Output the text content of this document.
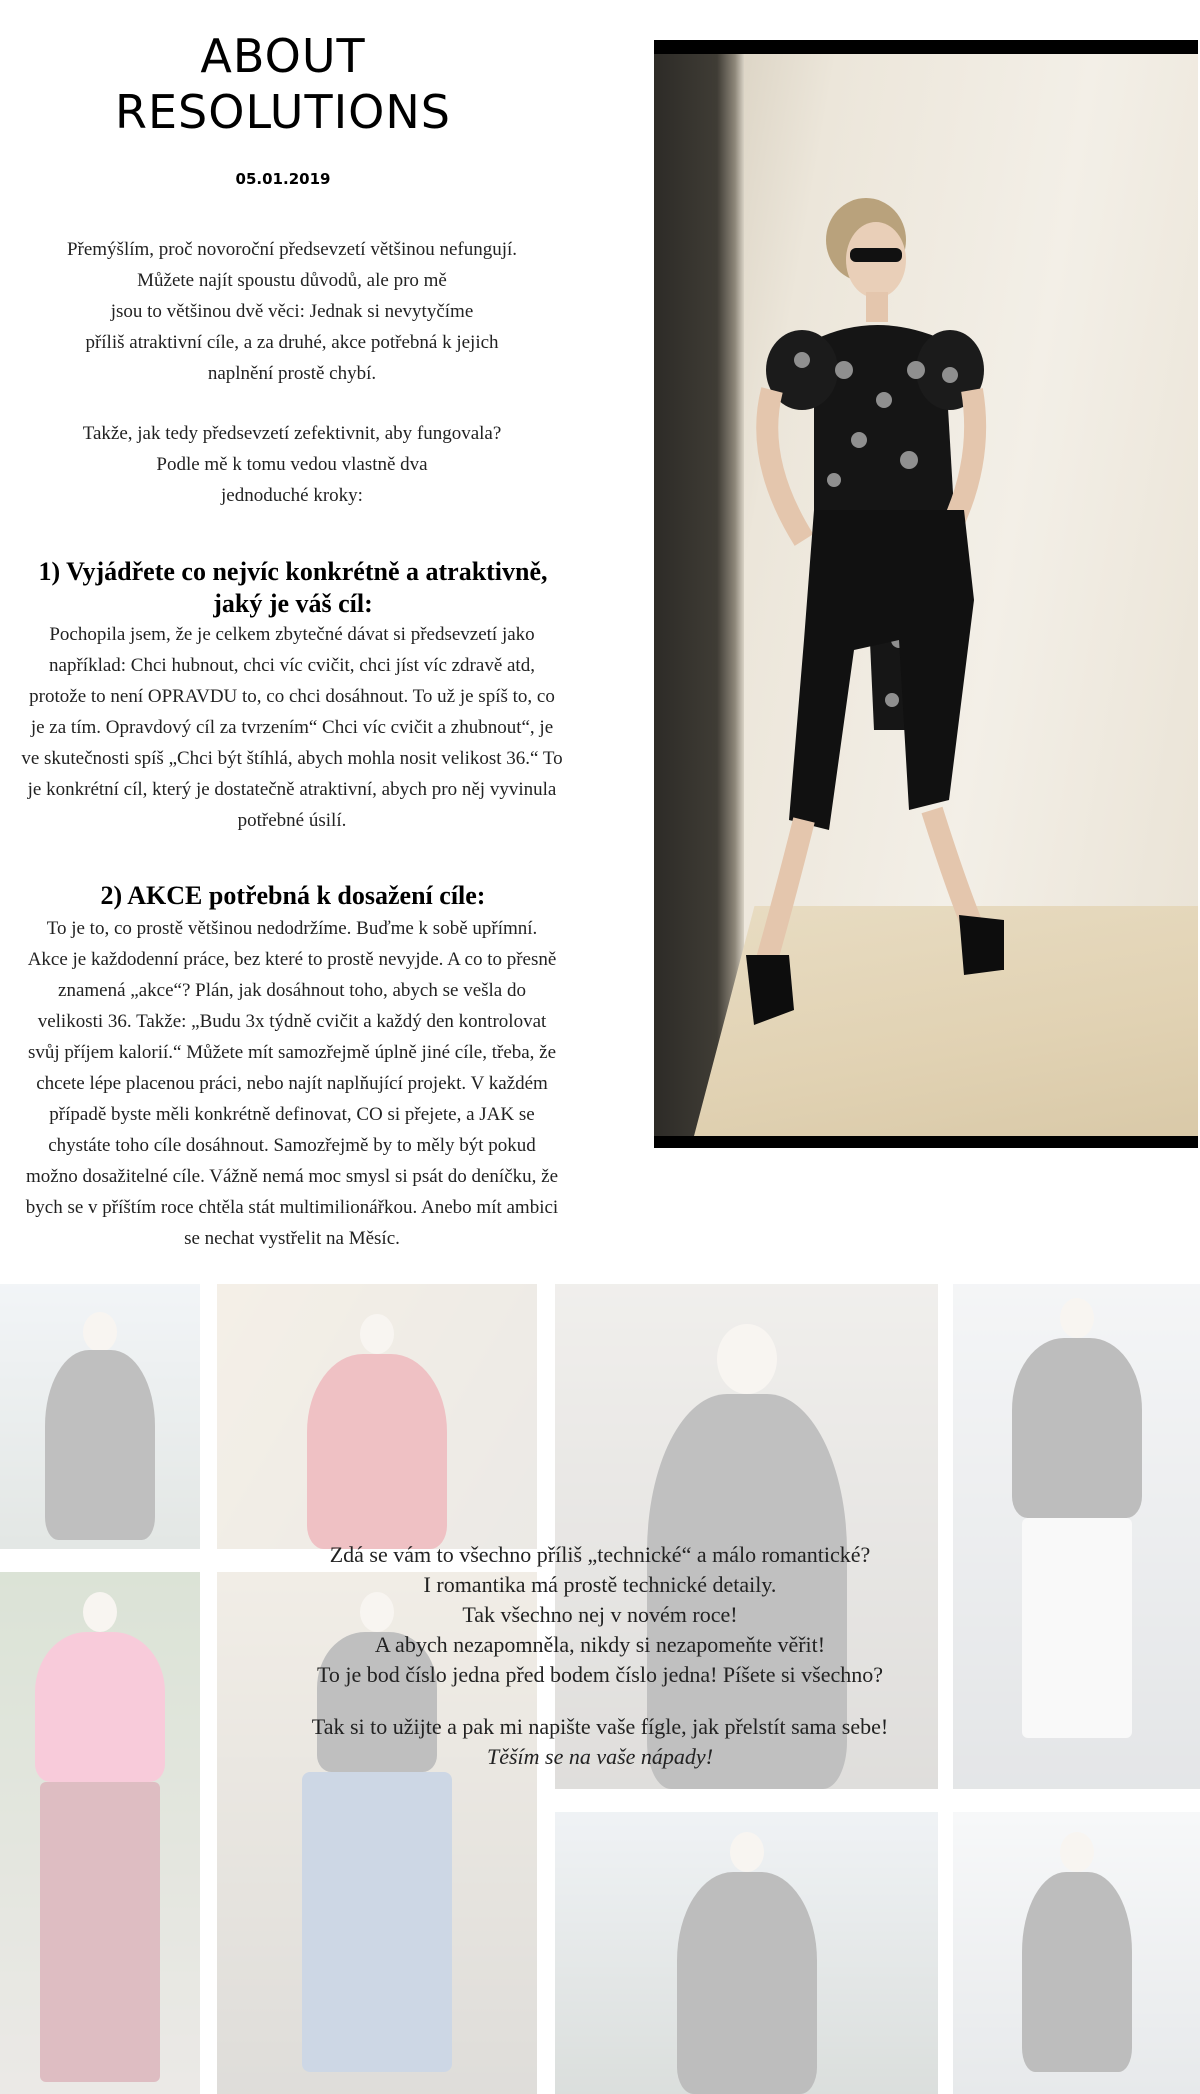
ABOUT
RESOLUTIONS
05.01.2019
Přemýšlím, proč novoroční předsevzetí většinou nefungují.
Můžete najít spoustu důvodů, ale pro mě
jsou to většinou dvě věci: Jednak si nevytyčíme
příliš atraktivní cíle, a za druhé, akce potřebná k jejich
naplnění prostě chybí.
Takže, jak tedy předsevzetí zefektivnit, aby fungovala?
Podle mě k tomu vedou vlastně dva
jednoduché kroky:
1) Vyjádřete co nejvíc konkrétně a atraktivně,
jaký je váš cíl:
Pochopila jsem, že je celkem zbytečné dávat si předsevzetí jako
například: Chci hubnout, chci víc cvičit, chci jíst víc zdravě atd,
protože to není OPRAVDU to, co chci dosáhnout. To už je spíš to, co
je za tím. Opravdový cíl za tvrzením“ Chci víc cvičit a zhubnout“, je
ve skutečnosti spíš „Chci být štíhlá, abych mohla nosit velikost 36.“ To
je konkrétní cíl, který je dostatečně atraktivní, abych pro něj vyvinula
potřebné úsilí.
2) AKCE potřebná k dosažení cíle:
To je to, co prostě většinou nedodržíme. Buďme k sobě upřímní.
Akce je každodenní práce, bez které to prostě nevyjde. A co to přesně
znamená „akce“? Plán, jak dosáhnout toho, abych se vešla do
velikosti 36. Takže: „Budu 3x týdně cvičit a každý den kontrolovat
svůj příjem kalorií.“ Můžete mít samozřejmě úplně jiné cíle, třeba, že
chcete lépe placenou práci, nebo najít naplňující projekt. V každém
případě byste měli konkrétně definovat, CO si přejete, a JAK se
chystáte toho cíle dosáhnout. Samozřejmě by to měly být pokud
možno dosažitelné cíle. Vážně nemá moc smysl si psát do deníčku, že
bych se v příštím roce chtěla stát multimilionářkou. Anebo mít ambici
se nechat vystřelit na Měsíc.
Zdá se vám to všechno příliš „technické“ a málo romantické?
I romantika má prostě technické detaily.
Tak všechno nej v novém roce!
A abych nezapomněla, nikdy si nezapomeňte věřit!
To je bod číslo jedna před bodem číslo jedna! Píšete si všechno?
Tak si to užijte a pak mi napište vaše fígle, jak přelstít sama sebe!
Těším se na vaše nápady!
